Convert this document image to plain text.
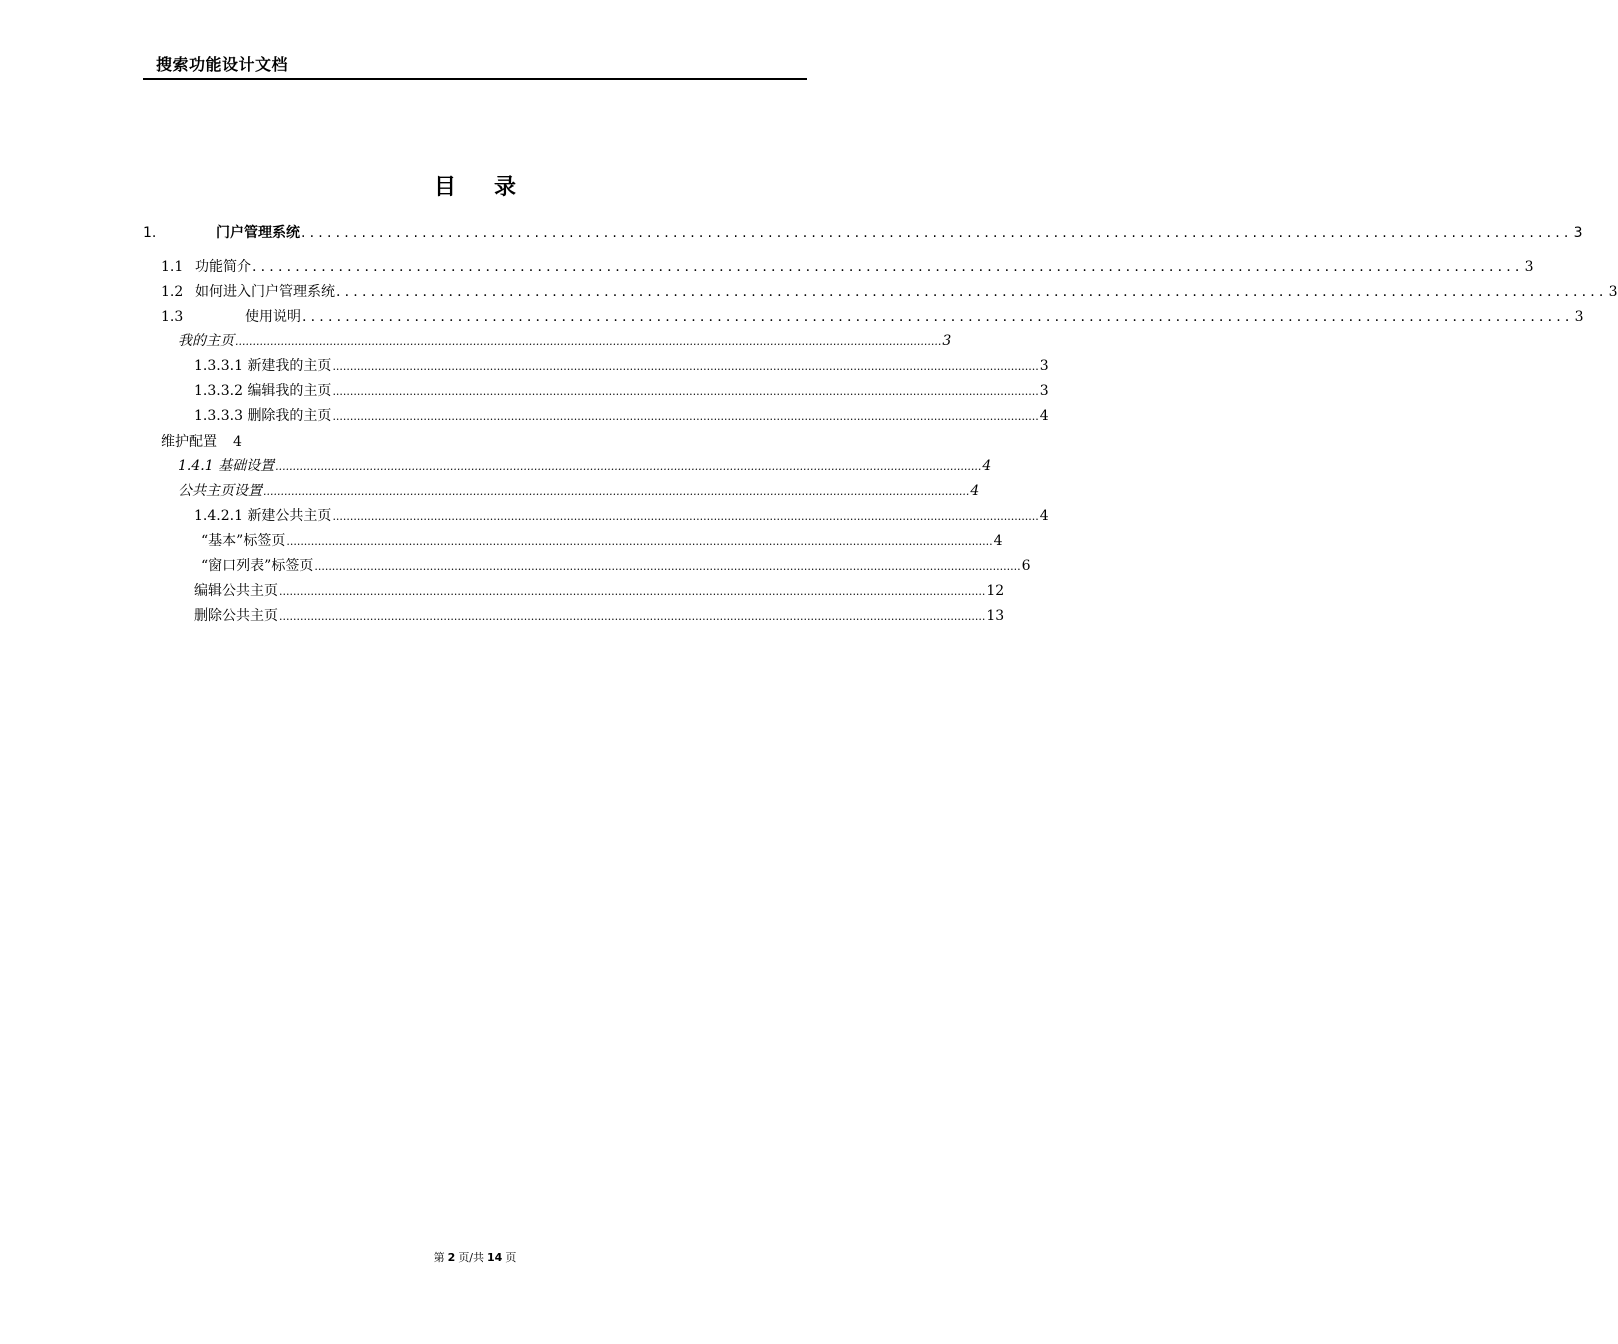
搜索功能设计文档
目 录
1.	门户管理系统 ................................................................................................................................................... 3
1.1 功能简介 ................................................................................................................................................... 3
1.2 如何进入门户管理系统 ................................................................................................................................................... 3
1.3	使用说明 ................................................................................................................................................... 3
我的主页 .......................................................................................................................................................................................................... 3
1.3.3.1 新建我的主页 .......................................................................................................................................................................................................... 3
1.3.3.2 编辑我的主页 .......................................................................................................................................................................................................... 3
1.3.3.3 删除我的主页 .......................................................................................................................................................................................................... 4
维护配置 4
1.4.1 基础设置 .......................................................................................................................................................................................................... 4
公共主页设置 .......................................................................................................................................................................................................... 4
1.4.2.1 新建公共主页 .......................................................................................................................................................................................................... 4
“基本”标签页 .......................................................................................................................................................................................................... 4
“窗口列表”标签页 .......................................................................................................................................................................................................... 6
编辑公共主页 .......................................................................................................................................................................................................... 12
删除公共主页 .......................................................................................................................................................................................................... 13
第 2 页/共 14 页
